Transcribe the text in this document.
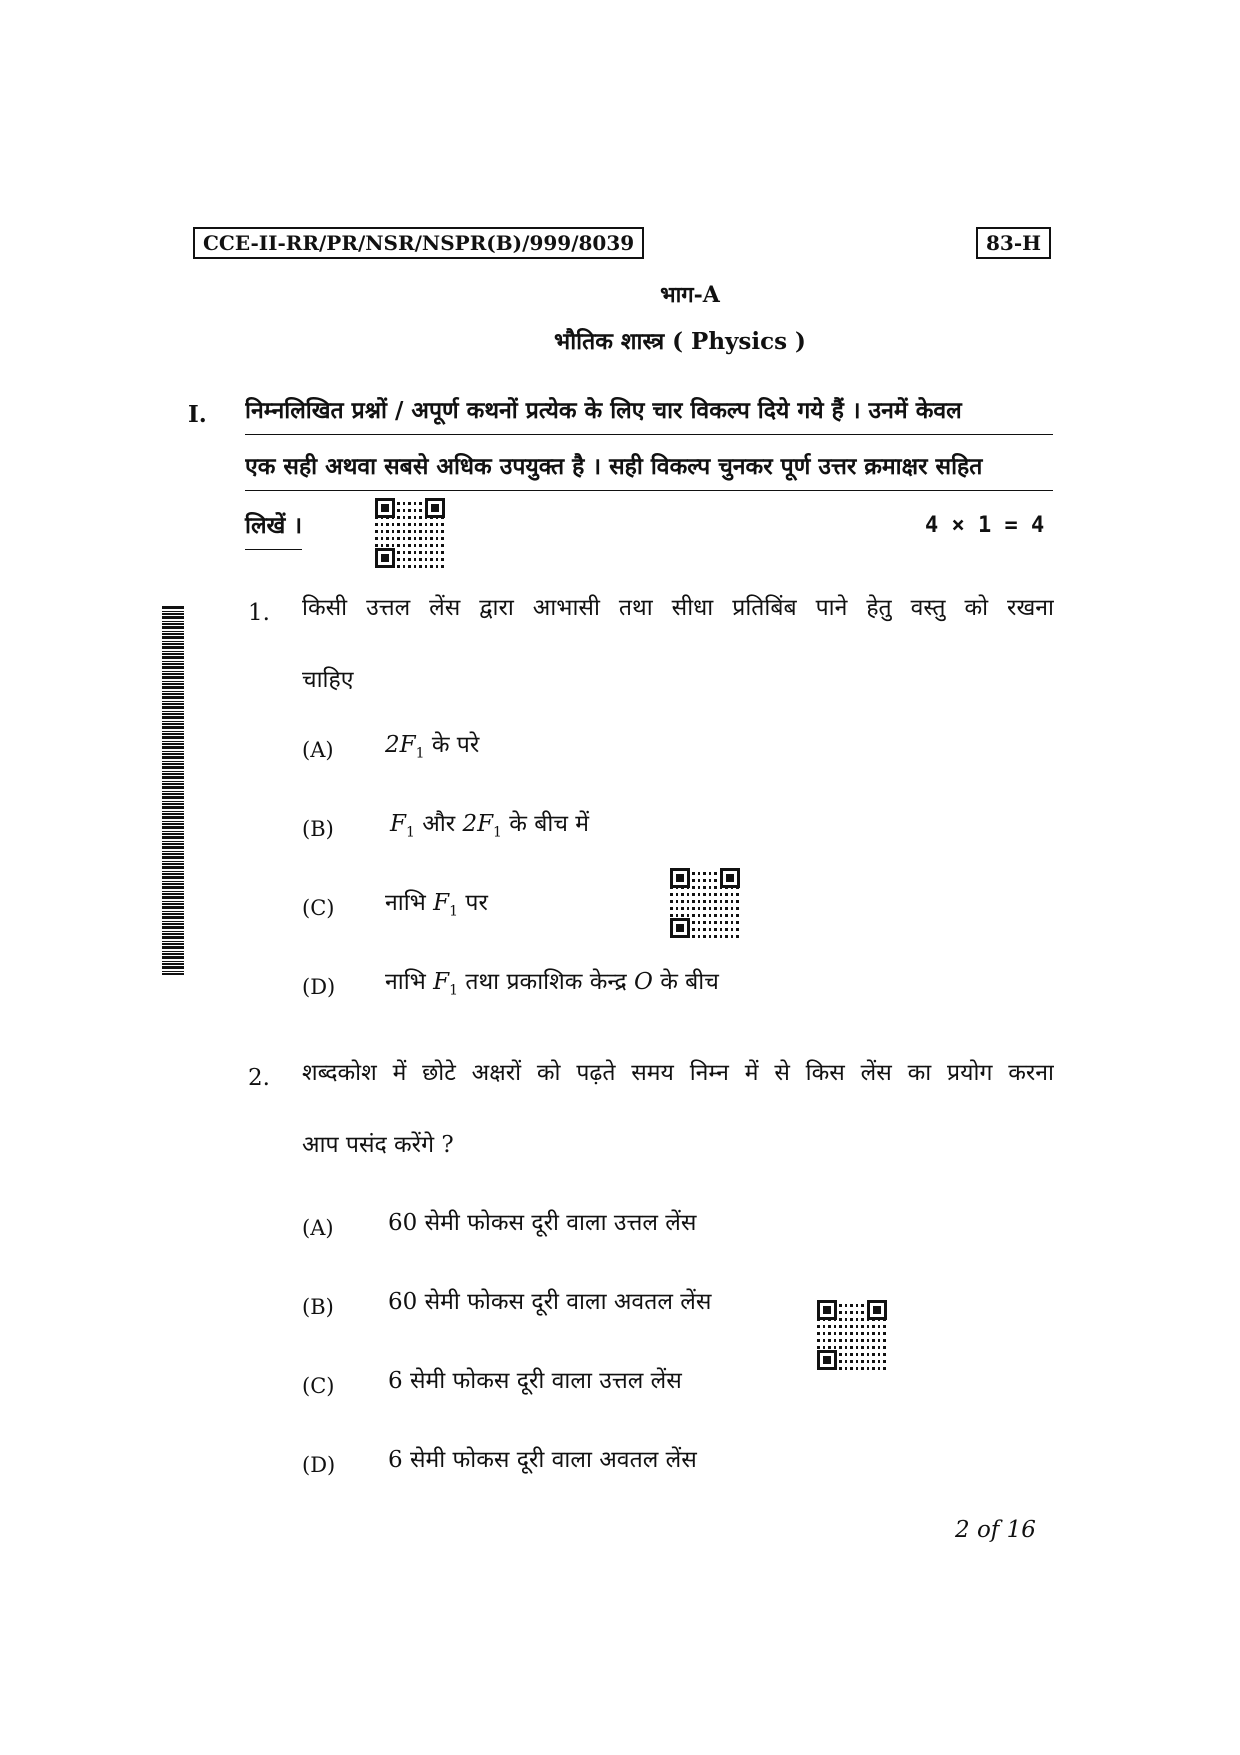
CCE-II-RR/PR/NSR/NSPR(B)/999/8039	83-H
भाग-A
भौतिक शास्त्र ( Physics )
I. निम्नलिखित प्रश्नों / अपूर्ण कथनों प्रत्येक के लिए चार विकल्प दिये गये हैं । उनमें केवल
एक सही अथवा सबसे अधिक उपयुक्त है । सही विकल्प चुनकर पूर्ण उत्तर क्रमाक्षर सहित
लिखें ।	4 × 1 = 4
1. किसी उत्तल लेंस द्वारा आभासी तथा सीधा प्रतिबिंब पाने हेतु वस्तु को रखना
चाहिए
(A) $2F_1$ के परे
(B) $F_1$ और $2F_1$ के बीच में
(C) नाभि $F_1$ पर
(D) नाभि $F_1$ तथा प्रकाशिक केन्द्र O के बीच
2. शब्दकोश में छोटे अक्षरों को पढ़ते समय निम्न में से किस लेंस का प्रयोग करना
आप पसंद करेंगे ?
(A) 60 सेमी फोकस दूरी वाला उत्तल लेंस
(B) 60 सेमी फोकस दूरी वाला अवतल लेंस
(C) 6 सेमी फोकस दूरी वाला उत्तल लेंस
(D) 6 सेमी फोकस दूरी वाला अवतल लेंस
2 of 16
